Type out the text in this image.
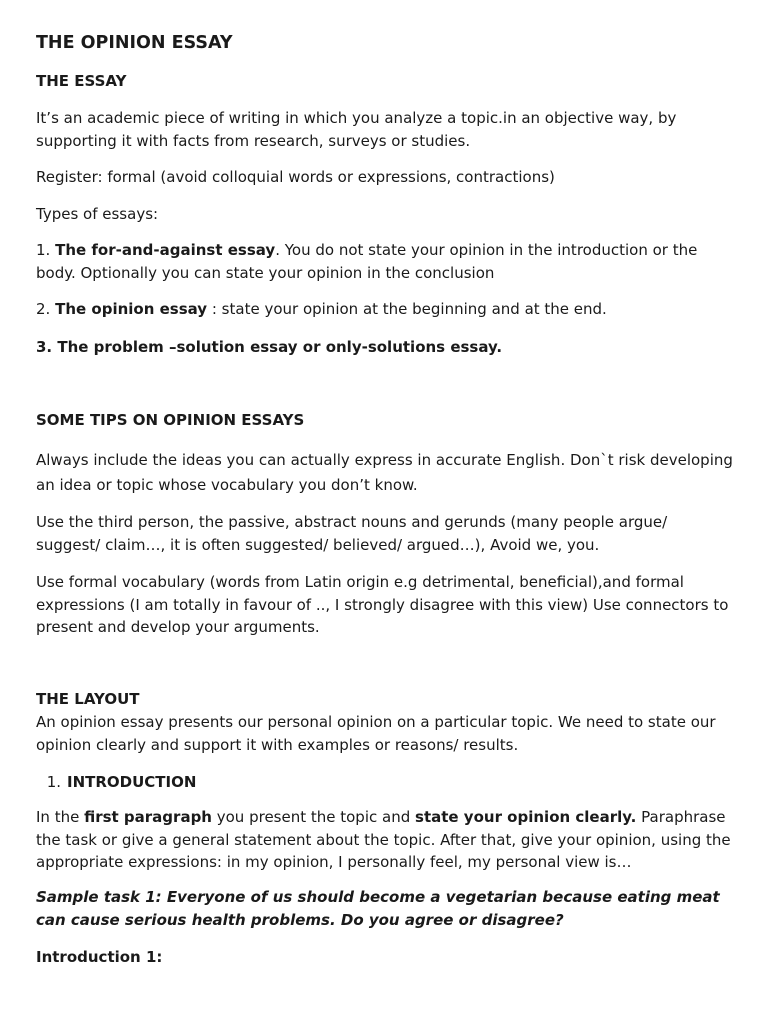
THE OPINION ESSAY

THE ESSAY

It’s an academic piece of writing in which you analyze a topic.in an objective way, by supporting it with facts from research, surveys or studies.

Register: formal (avoid colloquial words or expressions, contractions)

Types of essays:

1. The for-and-against essay. You do not state your opinion in the introduction or the body. Optionally you can state your opinion in the conclusion

2. The opinion essay : state your opinion at the beginning and at the end.

3. The problem –solution essay or only-solutions essay.

SOME TIPS ON OPINION ESSAYS

Always include the ideas you can actually express in accurate English. Don`t risk developing an idea or topic whose vocabulary you don’t know.

Use the third person, the passive, abstract nouns and gerunds (many people argue/ suggest/ claim…, it is often suggested/ believed/ argued…), Avoid we, you.

Use formal vocabulary (words from Latin origin e.g detrimental, beneficial),and formal expressions (I am totally in favour of .., I strongly disagree with this view) Use connectors to present and develop your arguments.

THE LAYOUT

An opinion essay presents our personal opinion on a particular topic. We need to state our opinion clearly and support it with examples or reasons/ results.

1. INTRODUCTION

In the first paragraph you present the topic and state your opinion clearly. Paraphrase the task or give a general statement about the topic. After that, give your opinion, using the appropriate expressions: in my opinion, I personally feel, my personal view is…

Sample task 1: Everyone of us should become a vegetarian because eating meat can cause serious health problems. Do you agree or disagree?

Introduction 1:
